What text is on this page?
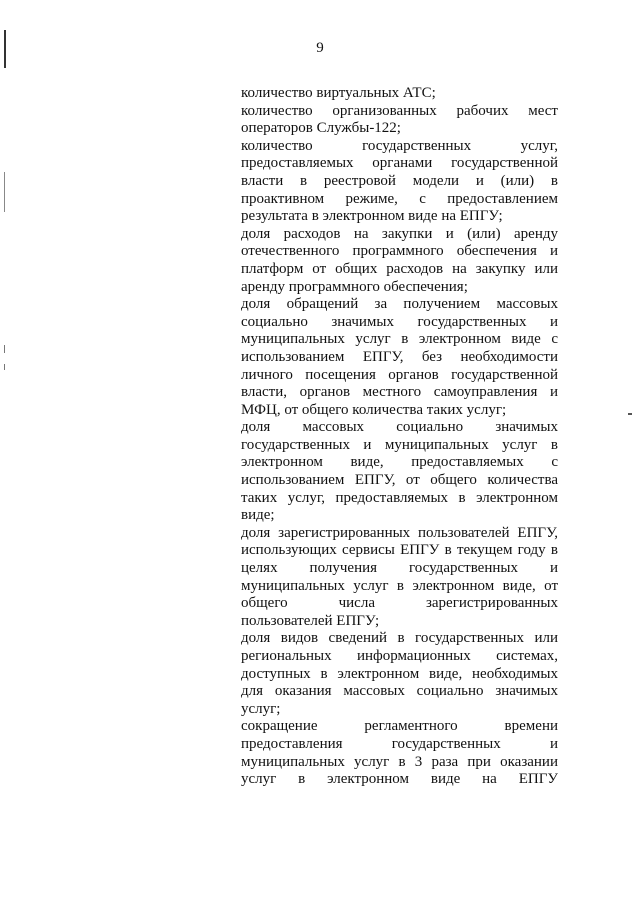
9

количество виртуальных АТС;

количество организованных рабочих мест операторов Службы-122;

количество государственных услуг, предоставляемых органами государственной власти в реестровой модели и (или) в проактивном режиме, с предоставлением результата в электронном виде на ЕПГУ;

доля расходов на закупки и (или) аренду отечественного программного обеспечения и платформ от общих расходов на закупку или аренду программного обеспечения;

доля обращений за получением массовых социально значимых государственных и муниципальных услуг в электронном виде с использованием ЕПГУ, без необходимости личного посещения органов государственной власти, органов местного самоуправления и МФЦ, от общего количества таких услуг;

доля массовых социально значимых государственных и муниципальных услуг в электронном виде, предоставляемых с использованием ЕПГУ, от общего количества таких услуг, предоставляемых в электронном виде;

доля зарегистрированных пользователей ЕПГУ, использующих сервисы ЕПГУ в текущем году в целях получения государственных и муниципальных услуг в электронном виде, от общего числа зарегистрированных пользователей ЕПГУ;

доля видов сведений в государственных или региональных информационных системах, доступных в электронном виде, необходимых для оказания массовых социально значимых услуг;

сокращение регламентного времени предоставления государственных и муниципальных услуг в 3 раза при оказании услуг в электронном виде на ЕПГУ
